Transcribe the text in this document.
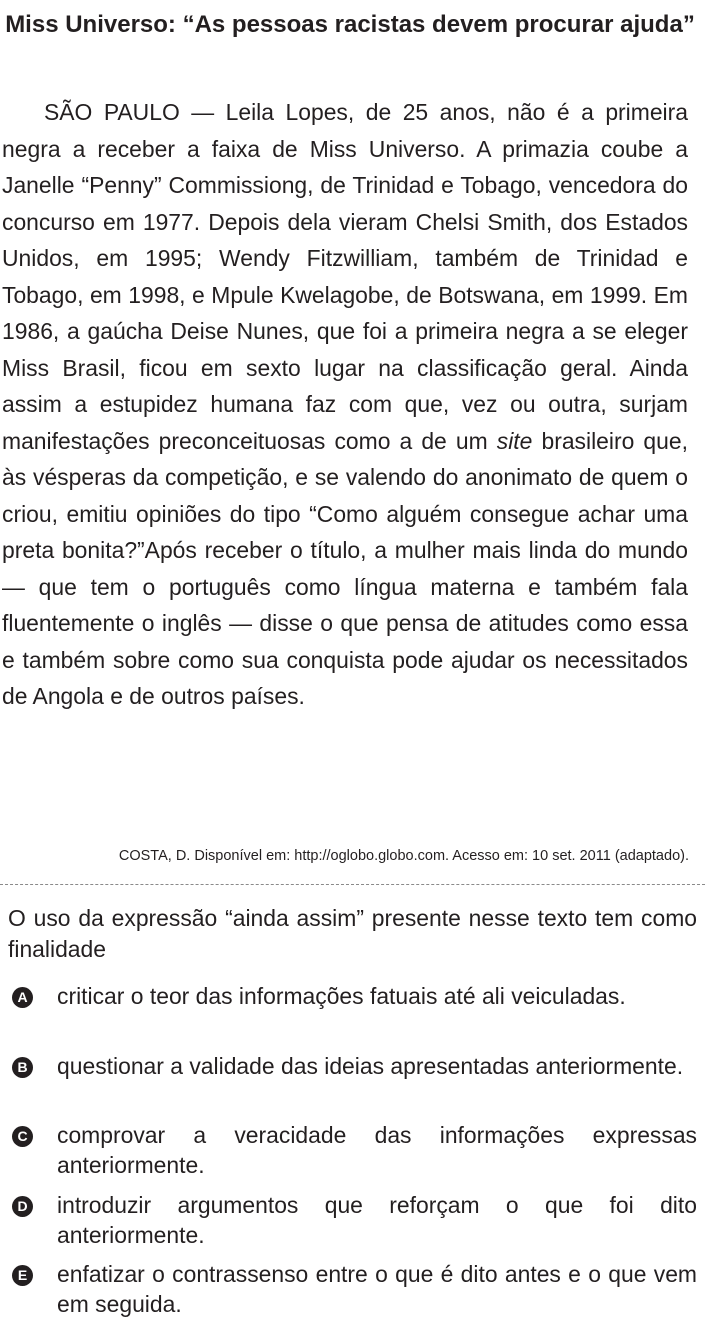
Miss Universo: “As pessoas racistas devem procurar ajuda”

SÃO PAULO — Leila Lopes, de 25 anos, não é a primeira negra a receber a faixa de Miss Universo. A primazia coube a Janelle “Penny” Commissiong, de Trinidad e Tobago, vencedora do concurso em 1977. Depois dela vieram Chelsi Smith, dos Estados Unidos, em 1995; Wendy Fitzwilliam, também de Trinidad e Tobago, em 1998, e Mpule Kwelagobe, de Botswana, em 1999. Em 1986, a gaúcha Deise Nunes, que foi a primeira negra a se eleger Miss Brasil, ficou em sexto lugar na classificação geral. Ainda assim a estupidez humana faz com que, vez ou outra, surjam manifestações preconceituosas como a de um site brasileiro que, às vésperas da competição, e se valendo do anonimato de quem o criou, emitiu opiniões do tipo “Como alguém consegue achar uma preta bonita?”Após receber o título, a mulher mais linda do mundo — que tem o português como língua materna e também fala fluentemente o inglês — disse o que pensa de atitudes como essa e também sobre como sua conquista pode ajudar os necessitados de Angola e de outros países.

COSTA, D. Disponível em: http://oglobo.globo.com. Acesso em: 10 set. 2011 (adaptado).

O uso da expressão “ainda assim” presente nesse texto tem como finalidade

A criticar o teor das informações fatuais até ali veiculadas.
B questionar a validade das ideias apresentadas anteriormente.
C comprovar a veracidade das informações expressas anteriormente.
D introduzir argumentos que reforçam o que foi dito anteriormente.
E enfatizar o contrassenso entre o que é dito antes e o que vem em seguida.
